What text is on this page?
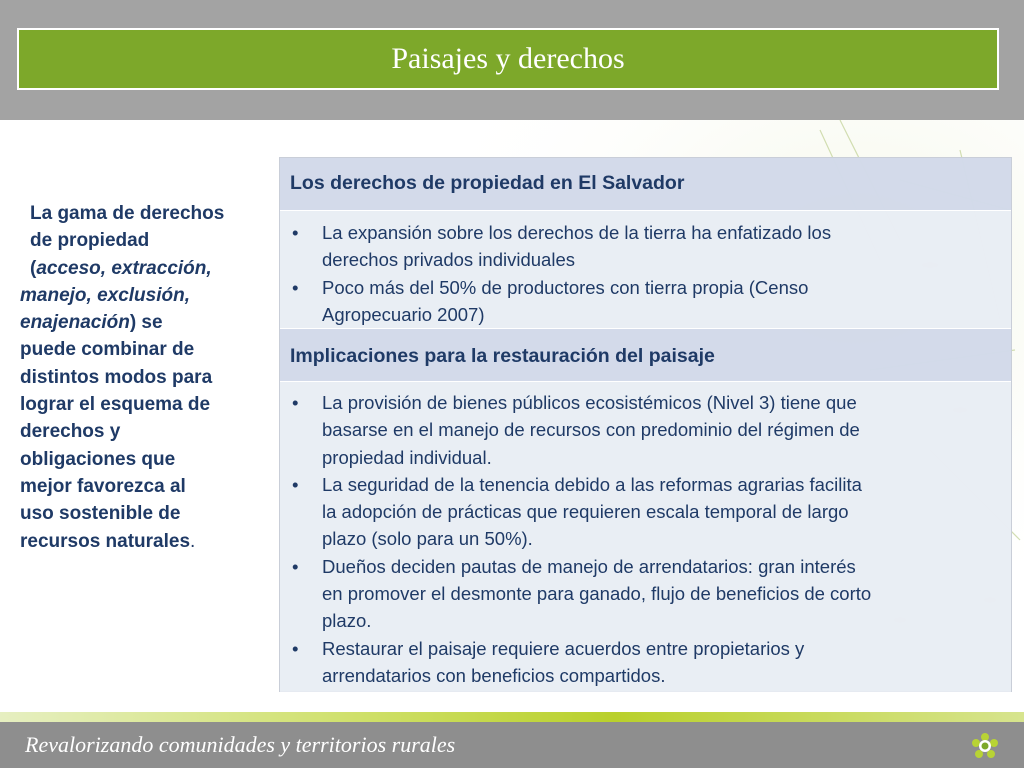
Paisajes y derechos
La gama de derechos
de propiedad
(acceso, extracción,
manejo, exclusión,
enajenación) se
puede combinar de
distintos modos para
lograr el esquema de
derechos y
obligaciones que
mejor favorezca al
uso sostenible de
recursos naturales.
Los derechos de propiedad en El Salvador
• La expansión sobre los derechos de la tierra ha enfatizado los
derechos privados individuales
• Poco más del 50% de productores con tierra propia (Censo
Agropecuario 2007)
Implicaciones para la restauración del paisaje
• La provisión de bienes públicos ecosistémicos (Nivel 3) tiene que
basarse en el manejo de recursos con predominio del régimen de
propiedad individual.
• La seguridad de la tenencia debido a las reformas agrarias facilita
la adopción de prácticas que requieren escala temporal de largo
plazo (solo para un 50%).
• Dueños deciden pautas de manejo de arrendatarios: gran interés
en promover el desmonte para ganado, flujo de beneficios de corto
plazo.
• Restaurar el paisaje requiere acuerdos entre propietarios y
arrendatarios con beneficios compartidos.
Revalorizando comunidades y territorios rurales
